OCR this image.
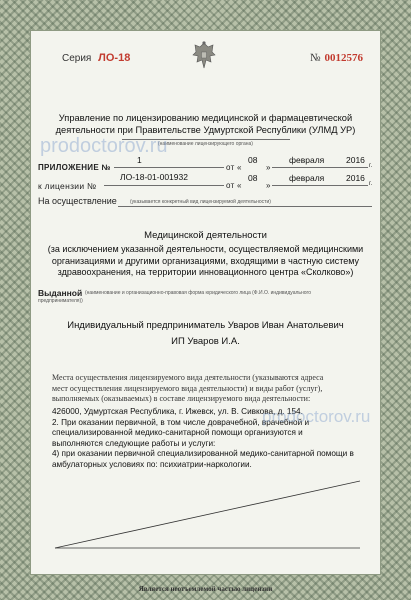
Серия ЛО-18	№ 0012576
Управление по лицензированию медицинской и фармацевтической
деятельности при Правительстве Удмуртской Республики (УЛМД УР)
(наименование лицензирующего органа)
ПРИЛОЖЕНИЕ №
1
от «
08
»
февраля	2016
г.
к лицензии №
ЛО-18-01-001932
от «
08
»
февраля	2016
г.
На осуществление	(указывается конкретный вид лицензируемой деятельности)
Медицинской деятельности
(за исключением указанной деятельности, осуществляемой медицинскими
организациями и другими организациями, входящими в частную систему
здравоохранения, на территории инновационного центра «Сколково»)
Выданной (наименование и организационно-правовая форма юридического лица (Ф.И.О. индивидуального
предпринимателя))
Индивидуальный предприниматель Уваров Иван Анатольевич
ИП Уваров И.А.
Места осуществления лицензируемого вида деятельности (указываются адреса
мест осуществления лицензируемого вида деятельности) и виды работ (услуг),
выполняемых (оказываемых) в составе лицензируемого вида деятельности:
426000, Удмуртская Республика, г. Ижевск, ул. В. Сивкова, д. 154.
2. При оказании первичной, в том числе доврачебной, врачебной и
специализированной медико-санитарной помощи организуются и
выполняются следующие работы и услуги:
4) при оказании первичной специализированной медико-санитарной помощи в
амбулаторных условиях по: психиатрии-наркологии.
Является неотъемлемой частью лицензии
prodoctorov.ru
prodoctorov.ru
